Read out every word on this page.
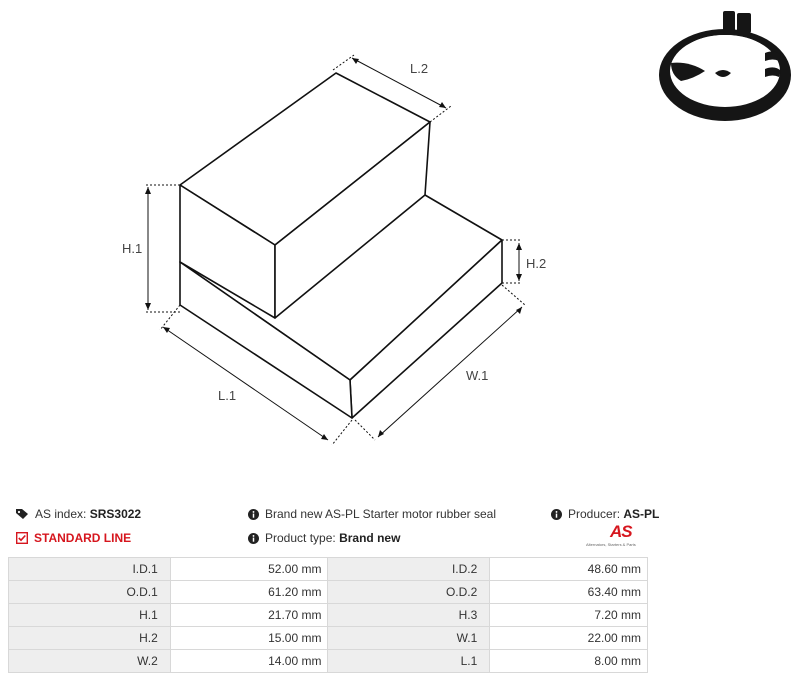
L.2
H.1
H.2
L.1
W.1
AS index:
SRS3022	Brand new AS-PL Starter motor rubber seal	Producer:
AS-PL
STANDARD LINE	Product type:
Brand new	AS
Alternators, Starters & Parts
I.D.1	52.00 mm	I.D.2	48.60 mm
O.D.1	61.20 mm	O.D.2	63.40 mm
H.1	21.70 mm	H.3	7.20 mm
H.2	15.00 mm	W.1	22.00 mm
W.2	14.00 mm	L.1	8.00 mm
